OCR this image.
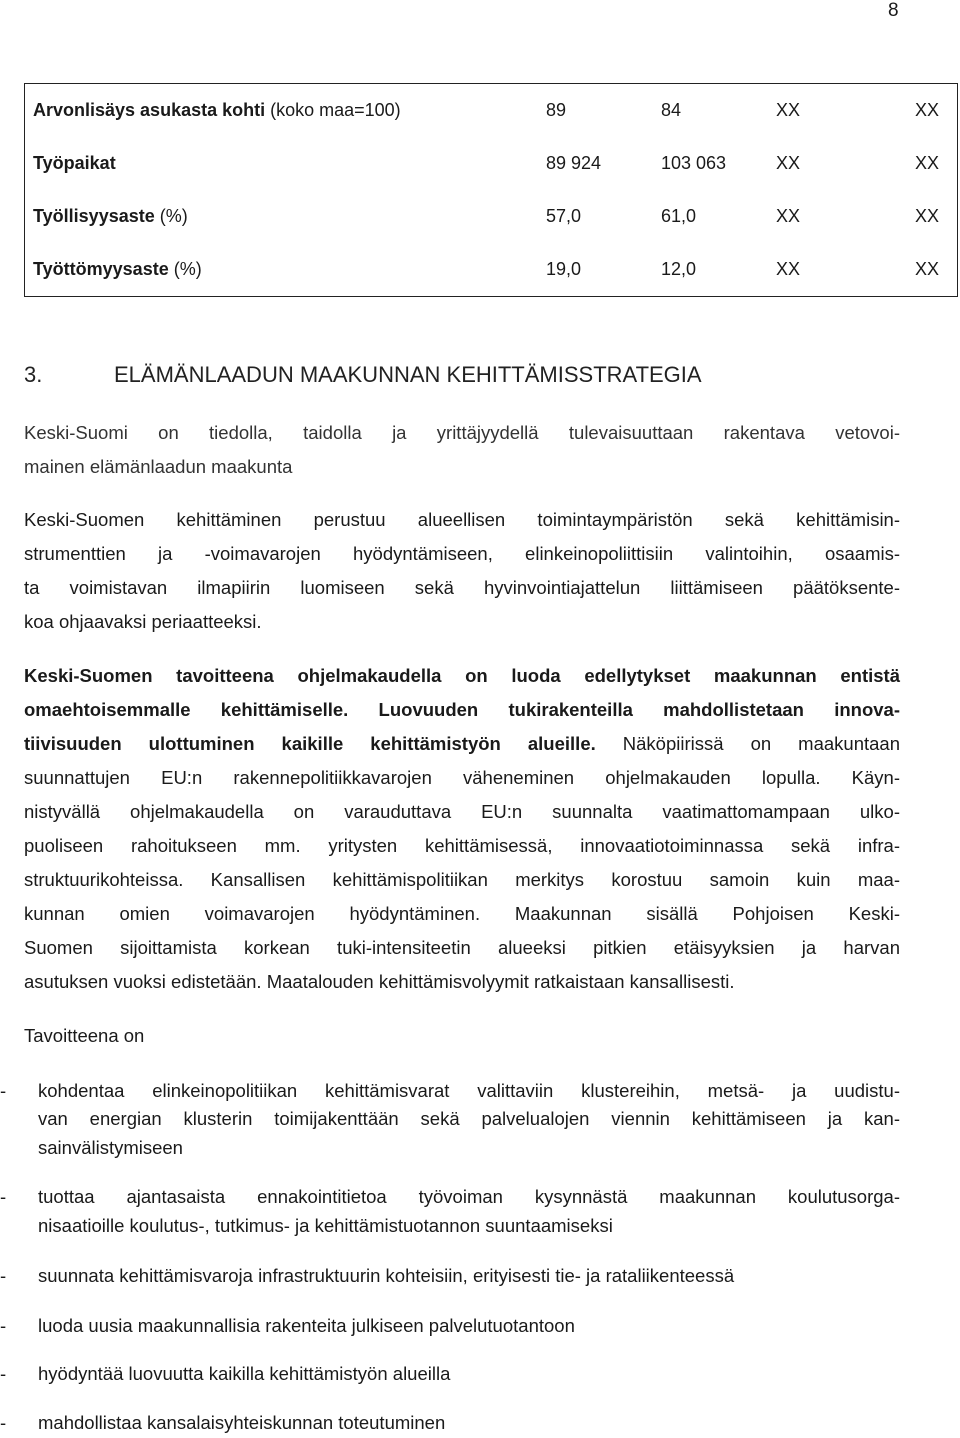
8
Arvonlisäys asukasta kohti (koko maa=100)	89	84	XX	XX
Työpaikat	89 924	103 063	XX	XX
Työllisyysaste (%)	57,0	61,0	XX	XX
Työttömyysaste (%)	19,0	12,0	XX	XX
3.	ELÄMÄNLAADUN MAAKUNNAN KEHITTÄMISSTRATEGIA
Keski-Suomi on tiedolla, taidolla ja yrittäjyydellä tulevaisuuttaan rakentava vetovoi-
mainen elämänlaadun maakunta
Keski-Suomen kehittäminen perustuu alueellisen toimintaympäristön sekä kehittämisin-
strumenttien ja -voimavarojen hyödyntämiseen, elinkeinopoliittisiin valintoihin, osaamis-
ta voimistavan ilmapiirin luomiseen sekä hyvinvointiajattelun liittämiseen päätöksente-
koa ohjaavaksi periaatteeksi.
Keski-Suomen tavoitteena ohjelmakaudella on luoda edellytykset maakunnan entistä
omaehtoisemmalle kehittämiselle. Luovuuden tukirakenteilla mahdollistetaan innova-
tiivisuuden ulottuminen kaikille kehittämistyön alueille. Näköpiirissä on maakuntaan
suunnattujen EU:n rakennepolitiikkavarojen väheneminen ohjelmakauden lopulla. Käyn-
nistyvällä ohjelmakaudella on varauduttava EU:n suunnalta vaatimattomampaan ulko-
puoliseen rahoitukseen mm. yritysten kehittämisessä, innovaatiotoiminnassa sekä infra-
struktuurikohteissa. Kansallisen kehittämispolitiikan merkitys korostuu samoin kuin maa-
kunnan omien voimavarojen hyödyntäminen. Maakunnan sisällä Pohjoisen Keski-
Suomen sijoittamista korkean tuki-intensiteetin alueeksi pitkien etäisyyksien ja harvan
asutuksen vuoksi edistetään. Maatalouden kehittämisvolyymit ratkaistaan kansallisesti.
Tavoitteena on
- kohdentaa elinkeinopolitiikan kehittämisvarat valittaviin klustereihin, metsä- ja uudistu-
van energian klusterin toimijakenttään sekä palvelualojen viennin kehittämiseen ja kan-
sainvälistymiseen
- tuottaa ajantasaista ennakointitietoa työvoiman kysynnästä maakunnan koulutusorga-
nisaatioille koulutus-, tutkimus- ja kehittämistuotannon suuntaamiseksi
- suunnata kehittämisvaroja infrastruktuurin kohteisiin, erityisesti tie- ja rataliikenteessä
- luoda uusia maakunnallisia rakenteita julkiseen palvelutuotantoon
- hyödyntää luovuutta kaikilla kehittämistyön alueilla
- mahdollistaa kansalaisyhteiskunnan toteutuminen
